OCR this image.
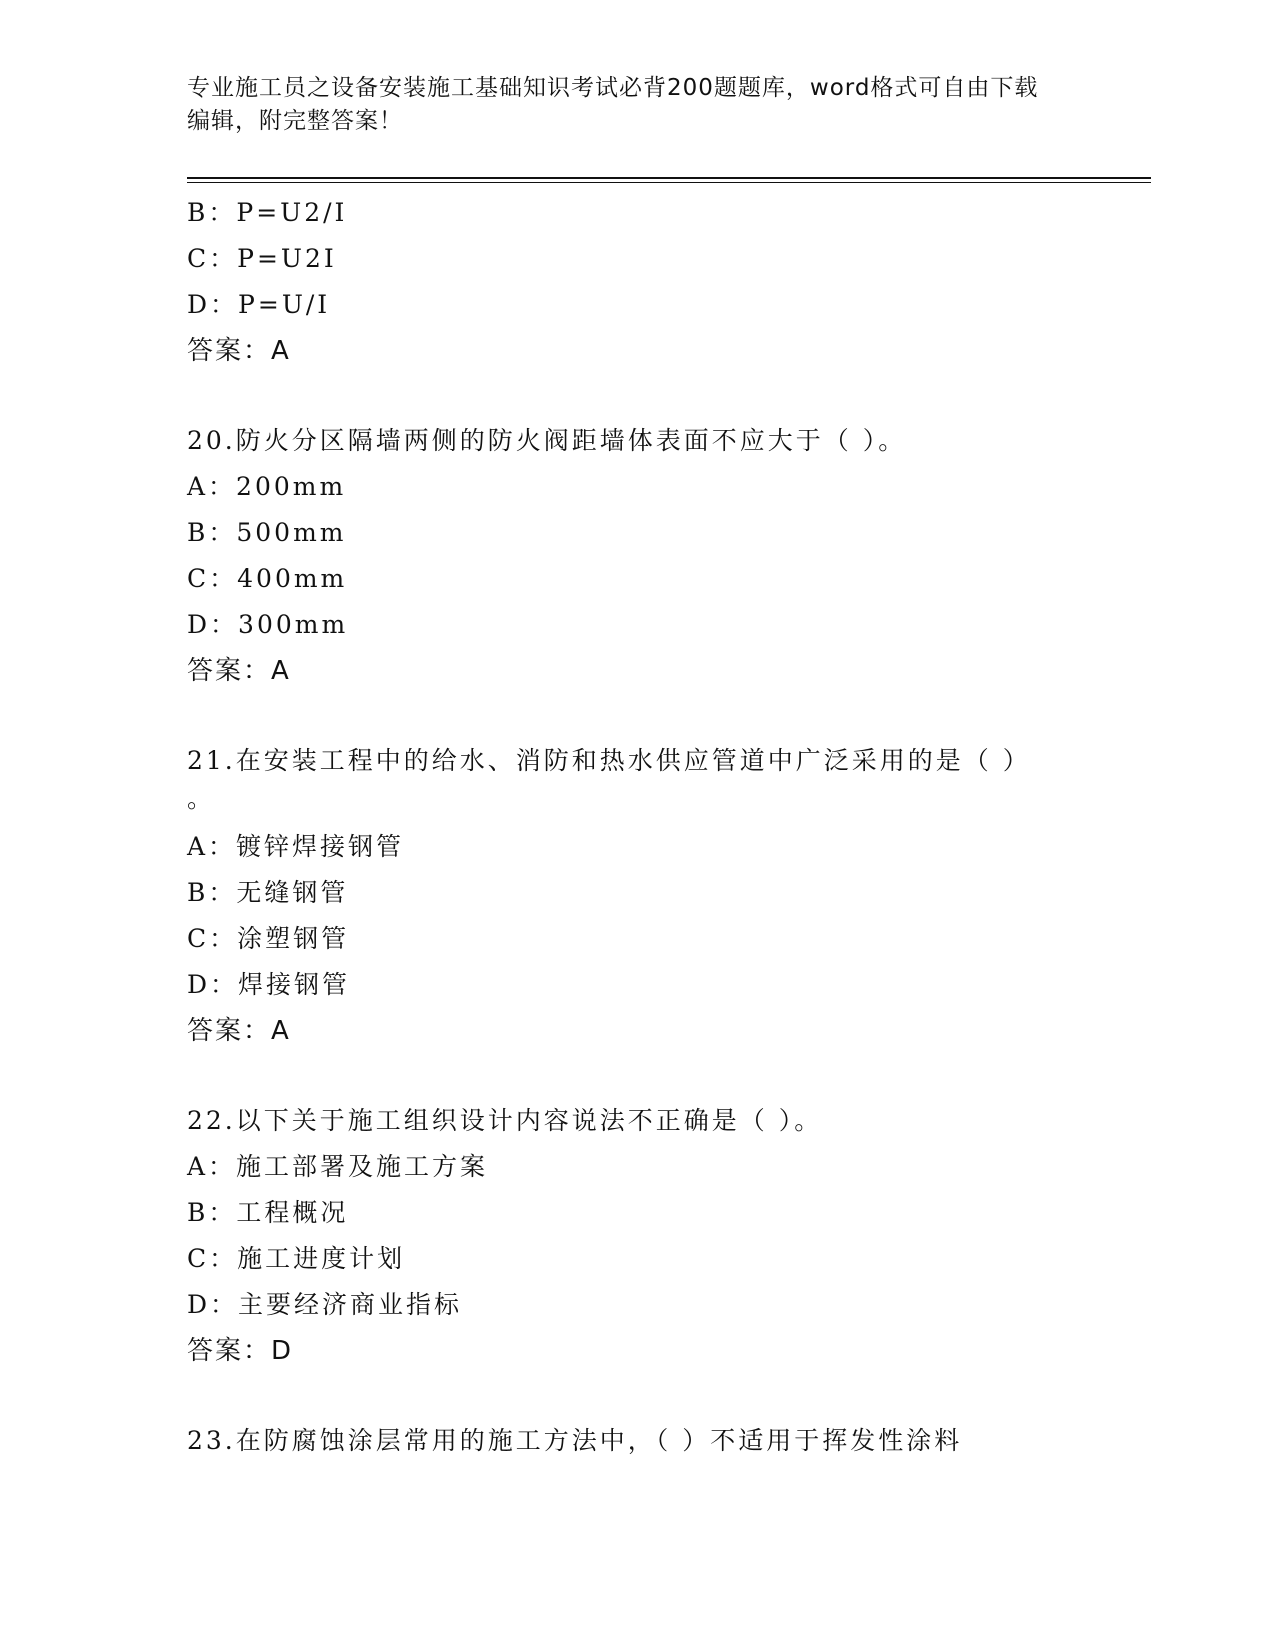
专业施工员之设备安装施工基础知识考试必背200题题库，word格式可自由下载
编辑，附完整答案！
B：P=U2/I
C：P=U2I
D：P=U/I
答案：A
20.防火分区隔墙两侧的防火阀距墙体表面不应大于（ ）。
A：200mm
B：500mm
C：400mm
D：300mm
答案：A
21.在安装工程中的给水、消防和热水供应管道中广泛采用的是（ ）
。
A：镀锌焊接钢管
B：无缝钢管
C：涂塑钢管
D：焊接钢管
答案：A
22.以下关于施工组织设计内容说法不正确是（ ）。
A：施工部署及施工方案
B：工程概况
C：施工进度计划
D：主要经济商业指标
答案：D
23.在防腐蚀涂层常用的施工方法中，（ ）不适用于挥发性涂料
